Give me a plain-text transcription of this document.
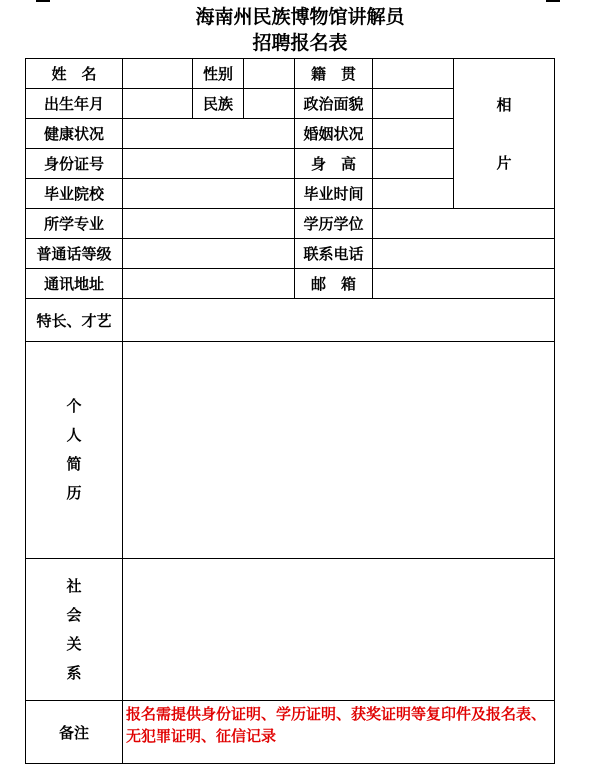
海南州民族博物馆讲解员
招聘报名表
姓　名		性别		籍　贯		相片
出生年月		民族		政治面貌		
健康状况				婚姻状况		
身份证号				身　高		
毕业院校				毕业时间		
所学专业				学历学位		
普通话等级				联系电话		
通讯地址				邮　箱		
特长、才艺						
个人简历						
社会关系						
备注	报名需提供身份证明、学历证明、获奖证明等复印件及报名表、无犯罪证明、征信记录					
